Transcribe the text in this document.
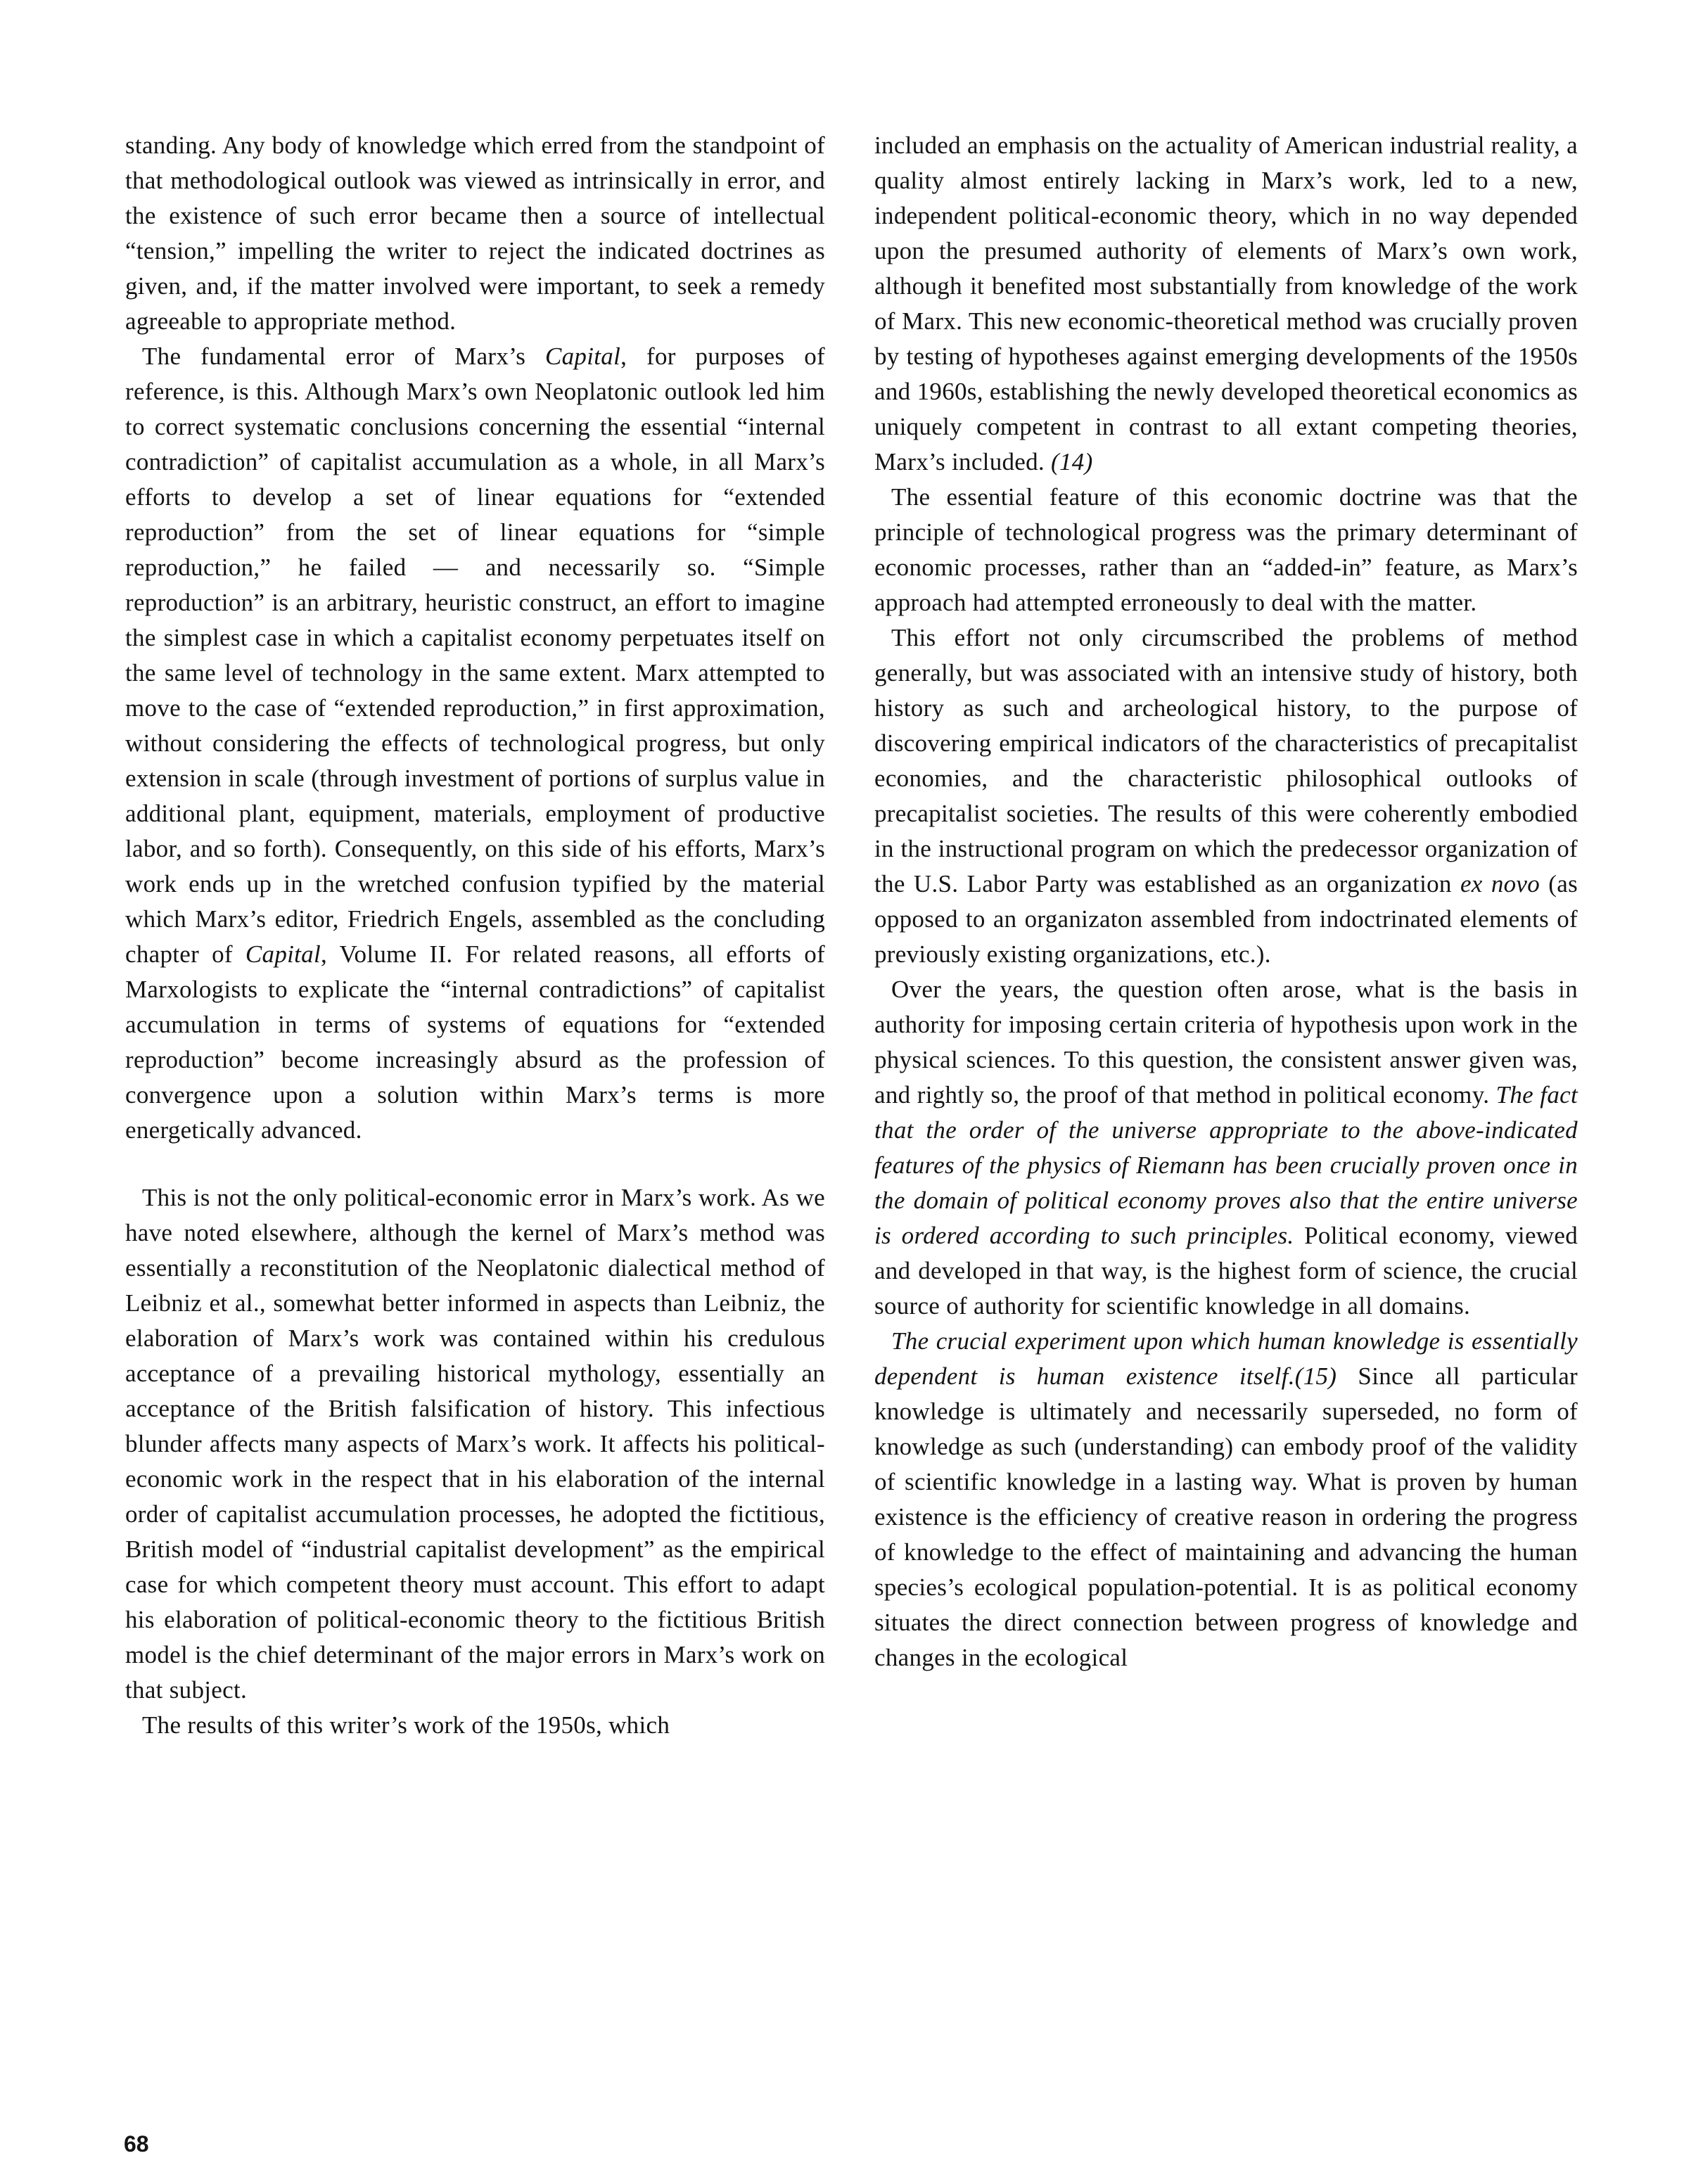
standing. Any body of knowledge which erred from the standpoint of that methodological outlook was viewed as intrinsically in error, and the existence of such error became then a source of intellectual “tension,” impelling the writer to reject the indicated doctrines as given, and, if the matter involved were important, to seek a remedy agreeable to appropriate method.

The fundamental error of Marx’s Capital, for purposes of reference, is this. Although Marx’s own Neoplatonic outlook led him to correct systematic conclusions concerning the essential “internal contradiction” of capitalist accumulation as a whole, in all Marx’s efforts to develop a set of linear equations for “extended reproduction” from the set of linear equations for “simple reproduction,” he failed — and necessarily so. “Simple reproduction” is an arbitrary, heuristic construct, an effort to imagine the simplest case in which a capitalist economy perpetuates itself on the same level of technology in the same extent. Marx attempted to move to the case of “extended reproduction,” in first approximation, without considering the effects of technological progress, but only extension in scale (through investment of portions of surplus value in additional plant, equipment, materials, employment of productive labor, and so forth). Consequently, on this side of his efforts, Marx’s work ends up in the wretched confusion typified by the material which Marx’s editor, Friedrich Engels, assembled as the concluding chapter of Capital, Volume II. For related reasons, all efforts of Marxologists to explicate the “internal contradictions” of capitalist accumulation in terms of systems of equations for “extended reproduction” become increasingly absurd as the profession of convergence upon a solution within Marx’s terms is more energetically advanced.

This is not the only political-economic error in Marx’s work. As we have noted elsewhere, although the kernel of Marx’s method was essentially a reconstitution of the Neoplatonic dialectical method of Leibniz et al., somewhat better informed in aspects than Leibniz, the elaboration of Marx’s work was contained within his credulous acceptance of a prevailing historical mythology, essentially an acceptance of the British falsification of history. This infectious blunder affects many aspects of Marx’s work. It affects his political-economic work in the respect that in his elaboration of the internal order of capitalist accumulation processes, he adopted the fictitious, British model of “industrial capitalist development” as the empirical case for which competent theory must account. This effort to adapt his elaboration of political-economic theory to the fictitious British model is the chief determinant of the major errors in Marx’s work on that subject.

The results of this writer’s work of the 1950s, which

included an emphasis on the actuality of American industrial reality, a quality almost entirely lacking in Marx’s work, led to a new, independent political-economic theory, which in no way depended upon the presumed authority of elements of Marx’s own work, although it benefited most substantially from knowledge of the work of Marx. This new economic-theoretical method was crucially proven by testing of hypotheses against emerging developments of the 1950s and 1960s, establishing the newly developed theoretical economics as uniquely competent in contrast to all extant competing theories, Marx’s included. (14)

The essential feature of this economic doctrine was that the principle of technological progress was the primary determinant of economic processes, rather than an “added-in” feature, as Marx’s approach had attempted erroneously to deal with the matter.

This effort not only circumscribed the problems of method generally, but was associated with an intensive study of history, both history as such and archeological history, to the purpose of discovering empirical indicators of the characteristics of precapitalist economies, and the characteristic philosophical outlooks of precapitalist societies. The results of this were coherently embodied in the instructional program on which the predecessor organization of the U.S. Labor Party was established as an organization ex novo (as opposed to an organizaton assembled from indoctrinated elements of previously existing organizations, etc.).

Over the years, the question often arose, what is the basis in authority for imposing certain criteria of hypothesis upon work in the physical sciences. To this question, the consistent answer given was, and rightly so, the proof of that method in political economy. The fact that the order of the universe appropriate to the above-indicated features of the physics of Riemann has been crucially proven once in the domain of political economy proves also that the entire universe is ordered according to such principles. Political economy, viewed and developed in that way, is the highest form of science, the crucial source of authority for scientific knowledge in all domains.

The crucial experiment upon which human knowledge is essentially dependent is human existence itself.(15) Since all particular knowledge is ultimately and necessarily superseded, no form of knowledge as such (understanding) can embody proof of the validity of scientific knowledge in a lasting way. What is proven by human existence is the efficiency of creative reason in ordering the progress of knowledge to the effect of maintaining and advancing the human species’s ecological population-potential. It is as political economy situates the direct connection between progress of knowledge and changes in the ecological

68
